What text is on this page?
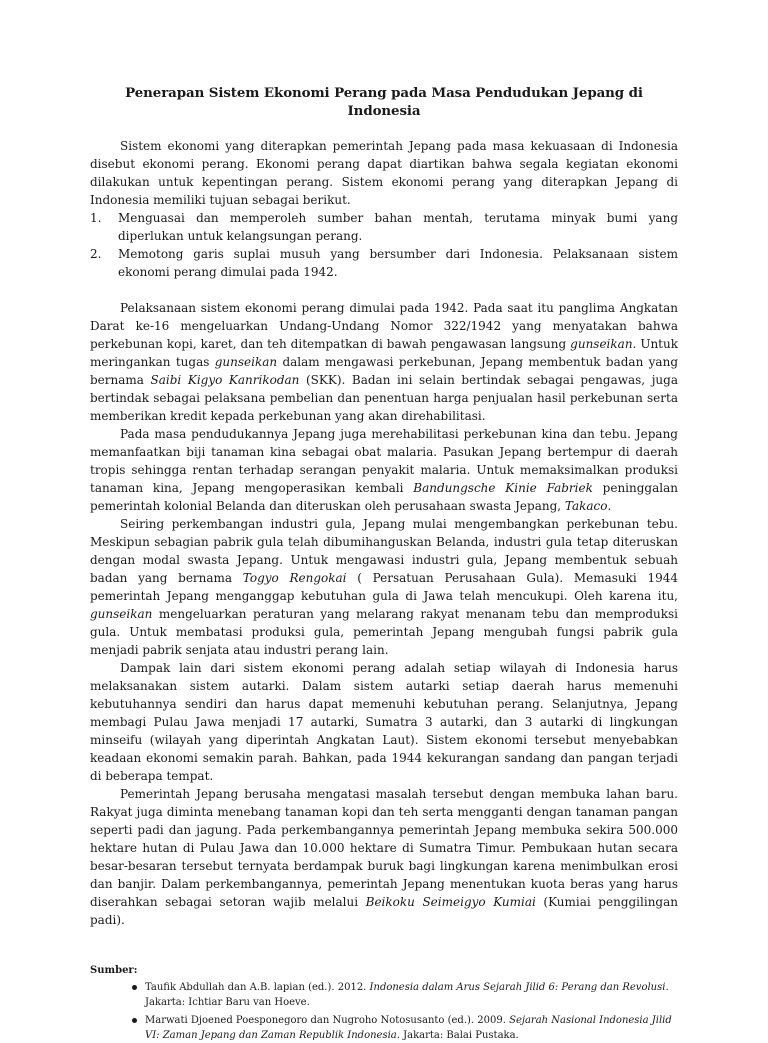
Penerapan Sistem Ekonomi Perang pada Masa Pendudukan Jepang di Indonesia

Sistem ekonomi yang diterapkan pemerintah Jepang pada masa kekuasaan di Indonesia disebut ekonomi perang. Ekonomi perang dapat diartikan bahwa segala kegiatan ekonomi dilakukan untuk kepentingan perang. Sistem ekonomi perang yang diterapkan Jepang di Indonesia memiliki tujuan sebagai berikut.

1. Menguasai dan memperoleh sumber bahan mentah, terutama minyak bumi yang diperlukan untuk kelangsungan perang.
2. Memotong garis suplai musuh yang bersumber dari Indonesia. Pelaksanaan sistem ekonomi perang dimulai pada 1942.

Pelaksanaan sistem ekonomi perang dimulai pada 1942. Pada saat itu panglima Angkatan Darat ke-16 mengeluarkan Undang-Undang Nomor 322/1942 yang menyatakan bahwa perkebunan kopi, karet, dan teh ditempatkan di bawah pengawasan langsung gunseikan. Untuk meringankan tugas gunseikan dalam mengawasi perkebunan, Jepang membentuk badan yang bernama Saibi Kigyo Kanrikodan (SKK). Badan ini selain bertindak sebagai pengawas, juga bertindak sebagai pelaksana pembelian dan penentuan harga penjualan hasil perkebunan serta memberikan kredit kepada perkebunan yang akan direhabilitasi.

Pada masa pendudukannya Jepang juga merehabilitasi perkebunan kina dan tebu. Jepang memanfaatkan biji tanaman kina sebagai obat malaria. Pasukan Jepang bertempur di daerah tropis sehingga rentan terhadap serangan penyakit malaria. Untuk memaksimalkan produksi tanaman kina, Jepang mengoperasikan kembali Bandungsche Kinie Fabriek peninggalan pemerintah kolonial Belanda dan diteruskan oleh perusahaan swasta Jepang, Takaco.

Seiring perkembangan industri gula, Jepang mulai mengembangkan perkebunan tebu. Meskipun sebagian pabrik gula telah dibumihanguskan Belanda, industri gula tetap diteruskan dengan modal swasta Jepang. Untuk mengawasi industri gula, Jepang membentuk sebuah badan yang bernama Togyo Rengokai ( Persatuan Perusahaan Gula). Memasuki 1944 pemerintah Jepang menganggap kebutuhan gula di Jawa telah mencukupi. Oleh karena itu, gunseikan mengeluarkan peraturan yang melarang rakyat menanam tebu dan memproduksi gula. Untuk membatasi produksi gula, pemerintah Jepang mengubah fungsi pabrik gula menjadi pabrik senjata atau industri perang lain.

Dampak lain dari sistem ekonomi perang adalah setiap wilayah di Indonesia harus melaksanakan sistem autarki. Dalam sistem autarki setiap daerah harus memenuhi kebutuhannya sendiri dan harus dapat memenuhi kebutuhan perang. Selanjutnya, Jepang membagi Pulau Jawa menjadi 17 autarki, Sumatra 3 autarki, dan 3 autarki di lingkungan minseifu (wilayah yang diperintah Angkatan Laut). Sistem ekonomi tersebut menyebabkan keadaan ekonomi semakin parah. Bahkan, pada 1944 kekurangan sandang dan pangan terjadi di beberapa tempat.

Pemerintah Jepang berusaha mengatasi masalah tersebut dengan membuka lahan baru. Rakyat juga diminta menebang tanaman kopi dan teh serta mengganti dengan tanaman pangan seperti padi dan jagung. Pada perkembangannya pemerintah Jepang membuka sekira 500.000 hektare hutan di Pulau Jawa dan 10.000 hektare di Sumatra Timur. Pembukaan hutan secara besar-besaran tersebut ternyata berdampak buruk bagi lingkungan karena menimbulkan erosi dan banjir. Dalam perkembangannya, pemerintah Jepang menentukan kuota beras yang harus diserahkan sebagai setoran wajib melalui Beikoku Seimeigyo Kumiai (Kumiai penggilingan padi).

Sumber:
Taufik Abdullah dan A.B. lapian (ed.). 2012. Indonesia dalam Arus Sejarah Jilid 6: Perang dan Revolusi. Jakarta: Ichtiar Baru van Hoeve.
Marwati Djoened Poesponegoro dan Nugroho Notosusanto (ed.). 2009. Sejarah Nasional Indonesia Jilid VI: Zaman Jepang dan Zaman Republik Indonesia. Jakarta: Balai Pustaka.
